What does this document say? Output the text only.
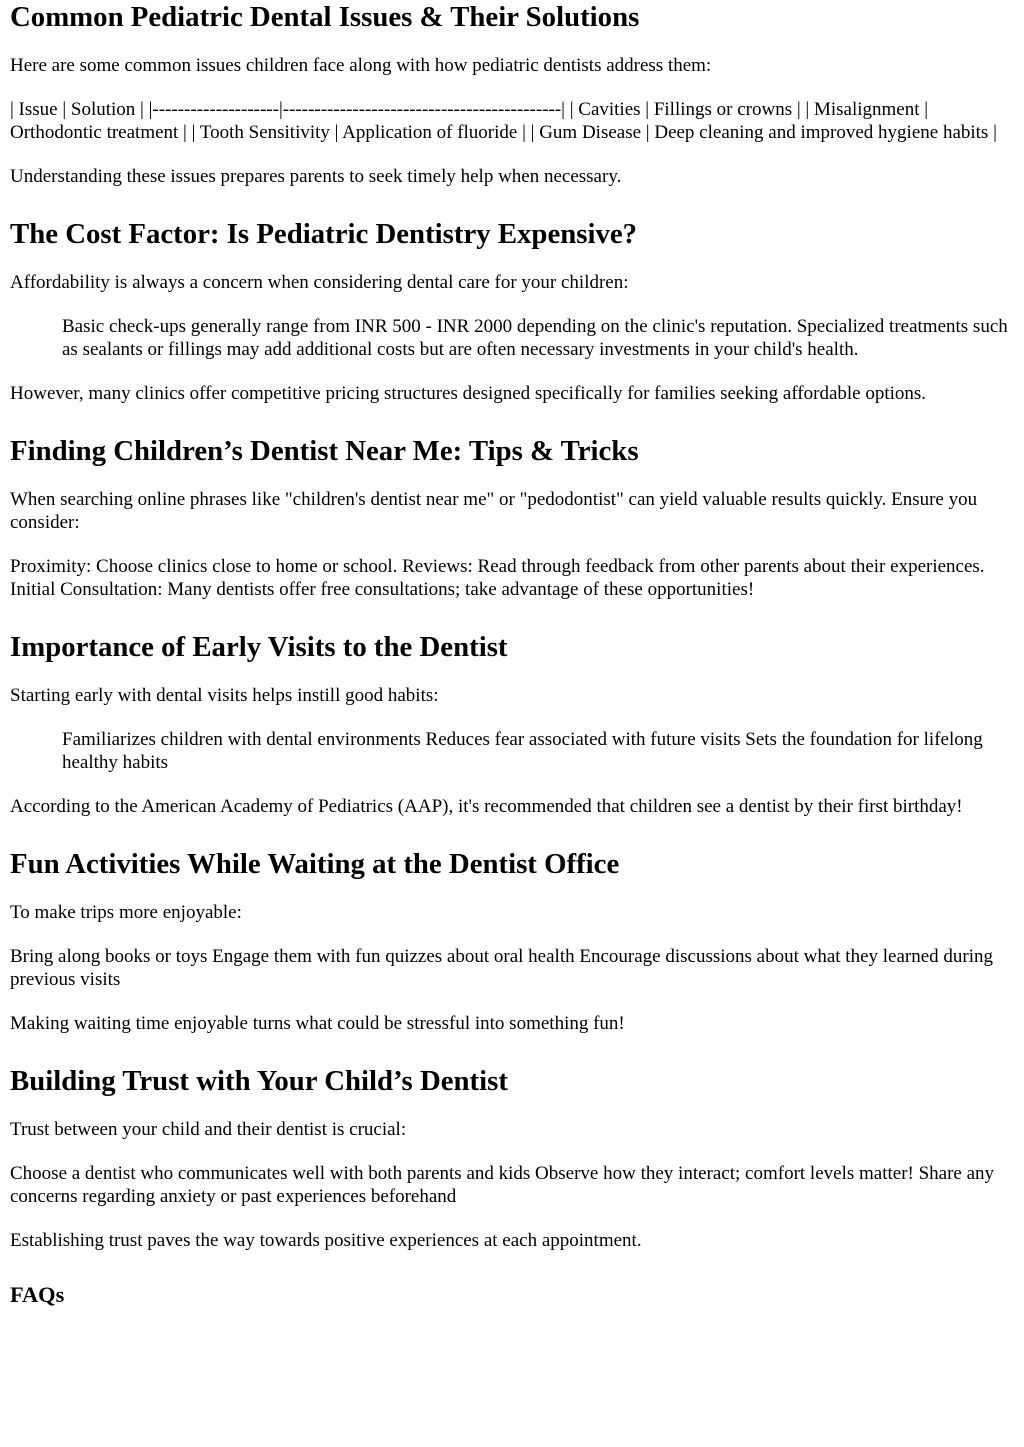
Common Pediatric Dental Issues & Their Solutions

Here are some common issues children face along with how pediatric dentists address them:

| Issue | Solution | |--------------------|--------------------------------------------| | Cavities | Fillings or crowns | | Misalignment | Orthodontic treatment | | Tooth Sensitivity | Application of fluoride | | Gum Disease | Deep cleaning and improved hygiene habits |

Understanding these issues prepares parents to seek timely help when necessary.

The Cost Factor: Is Pediatric Dentistry Expensive?

Affordability is always a concern when considering dental care for your children:

Basic check-ups generally range from INR 500 - INR 2000 depending on the clinic's reputation. Specialized treatments such as sealants or fillings may add additional costs but are often necessary investments in your child's health.

However, many clinics offer competitive pricing structures designed specifically for families seeking affordable options.

Finding Children’s Dentist Near Me: Tips & Tricks

When searching online phrases like "children's dentist near me" or "pedodontist" can yield valuable results quickly. Ensure you consider:

Proximity: Choose clinics close to home or school. Reviews: Read through feedback from other parents about their experiences. Initial Consultation: Many dentists offer free consultations; take advantage of these opportunities!

Importance of Early Visits to the Dentist

Starting early with dental visits helps instill good habits:

Familiarizes children with dental environments Reduces fear associated with future visits Sets the foundation for lifelong healthy habits

According to the American Academy of Pediatrics (AAP), it's recommended that children see a dentist by their first birthday!

Fun Activities While Waiting at the Dentist Office

To make trips more enjoyable:

Bring along books or toys Engage them with fun quizzes about oral health Encourage discussions about what they learned during previous visits

Making waiting time enjoyable turns what could be stressful into something fun!

Building Trust with Your Child’s Dentist

Trust between your child and their dentist is crucial:

Choose a dentist who communicates well with both parents and kids Observe how they interact; comfort levels matter! Share any concerns regarding anxiety or past experiences beforehand

Establishing trust paves the way towards positive experiences at each appointment.

FAQs
